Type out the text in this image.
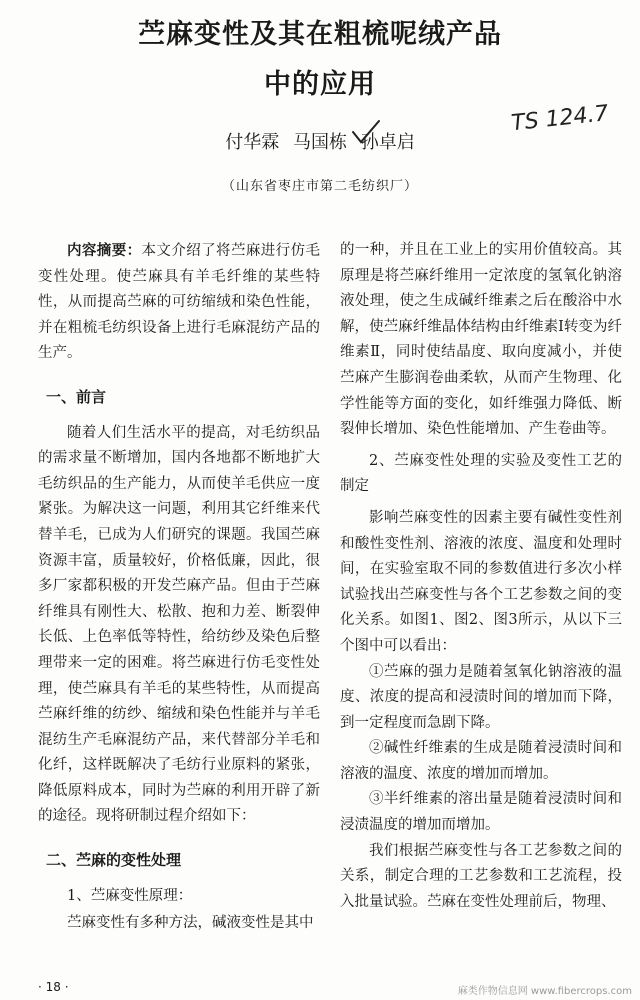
苎麻变性及其在粗梳呢绒产品
中的应用
付华霖 马国栋 孙卓启
TS 124.7
（山东省枣庄市第二毛纺织厂）

内容摘要：本文介绍了将苎麻进行仿毛变性处理。使苎麻具有羊毛纤维的某些特性，从而提高苎麻的可纺缩绒和染色性能，并在粗梳毛纺织设备上进行毛麻混纺产品的生产。

一、前言

随着人们生活水平的提高，对毛纺织品的需求量不断增加，国内各地都不断地扩大毛纺织品的生产能力，从而使羊毛供应一度紧张。为解决这一问题，利用其它纤维来代替羊毛，已成为人们研究的课题。我国苎麻资源丰富，质量较好，价格低廉，因此，很多厂家都积极的开发苎麻产品。但由于苎麻纤维具有刚性大、松散、抱和力差、断裂伸长低、上色率低等特性，给纺纱及染色后整理带来一定的困难。将苎麻进行仿毛变性处理，使苎麻具有羊毛的某些特性，从而提高苎麻纤维的纺纱、缩绒和染色性能并与羊毛混纺生产毛麻混纺产品，来代替部分羊毛和化纤，这样既解决了毛纺行业原料的紧张，降低原料成本，同时为苎麻的利用开辟了新的途径。现将研制过程介绍如下：

二、苎麻的变性处理

1、苎麻变性原理：

苎麻变性有多种方法，碱液变性是其中

的一种，并且在工业上的实用价值较高。其原理是将苎麻纤维用一定浓度的氢氧化钠溶液处理，使之生成碱纤维素之后在酸浴中水解，使苎麻纤维晶体结构由纤维素Ⅰ转变为纤维素Ⅱ，同时使结晶度、取向度减小，并使苎麻产生膨润卷曲柔软，从而产生物理、化学性能等方面的变化，如纤维强力降低、断裂伸长增加、染色性能增加、产生卷曲等。

2、苎麻变性处理的实验及变性工艺的制定

影响苎麻变性的因素主要有碱性变性剂和酸性变性剂、溶液的浓度、温度和处理时间，在实验室取不同的参数值进行多次小样试验找出苎麻变性与各个工艺参数之间的变化关系。如图1、图2、图3所示，从以下三个图中可以看出：

①苎麻的强力是随着氢氧化钠溶液的温度、浓度的提高和浸渍时间的增加而下降，到一定程度而急剧下降。

②碱性纤维素的生成是随着浸渍时间和溶液的温度、浓度的增加而增加。

③半纤维素的溶出量是随着浸渍时间和浸渍温度的增加而增加。

我们根据苎麻变性与各工艺参数之间的关系，制定合理的工艺参数和工艺流程，投入批量试验。苎麻在变性处理前后，物理、

· 18 ·	麻类作物信息网 www.fibercrops.com
